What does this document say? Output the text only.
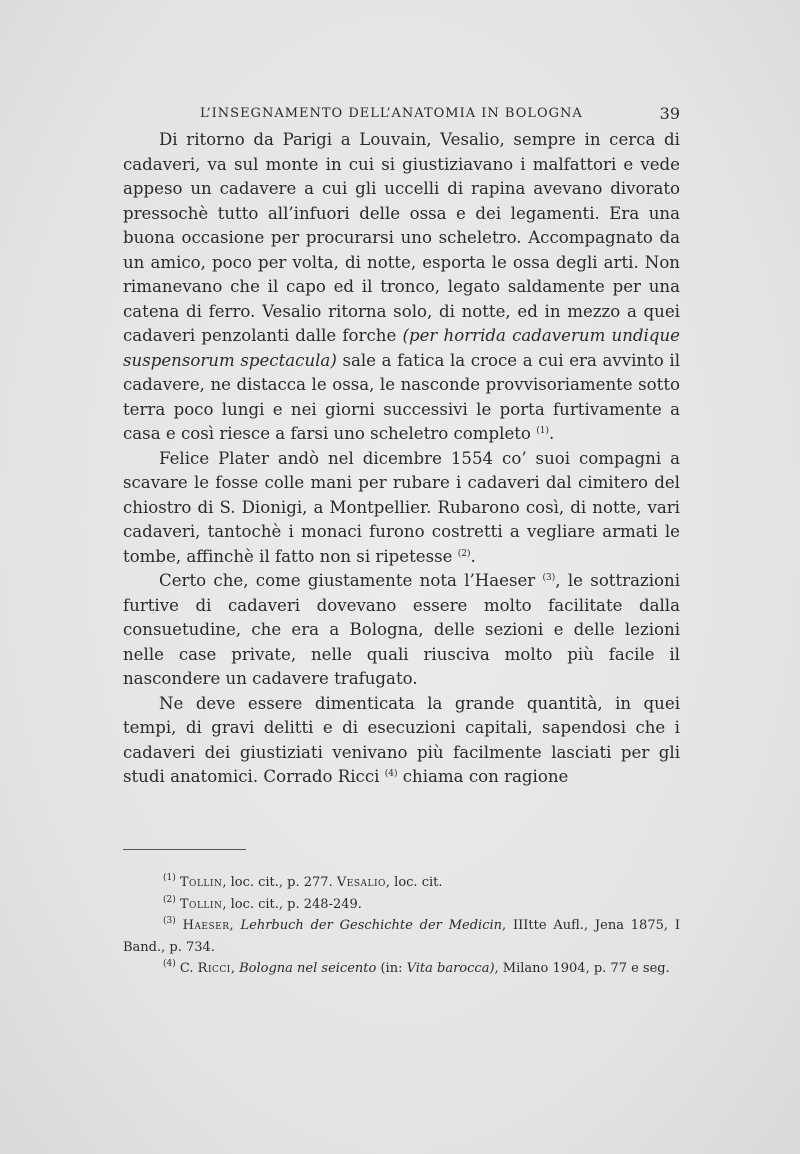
L’INSEGNAMENTO DELL’ANATOMIA IN BOLOGNA	39

Di ritorno da Parigi a Louvain, Vesalio, sempre in cerca di cadaveri, va sul monte in cui si giustiziavano i malfattori e vede appeso un cadavere a cui gli uccelli di rapina avevano divorato pressochè tutto all’infuori delle ossa e dei legamenti. Era una buona occasione per procurarsi uno scheletro. Accompagnato da un amico, poco per volta, di notte, esporta le ossa degli arti. Non rimanevano che il capo ed il tronco, legato saldamente per una catena di ferro. Vesalio ritorna solo, di notte, ed in mezzo a quei cadaveri penzolanti dalle forche (per horrida cadaverum undique suspensorum spectacula) sale a fatica la croce a cui era avvinto il cadavere, ne distacca le ossa, le nasconde provvisoriamente sotto terra poco lungi e nei giorni successivi le porta furtivamente a casa e così riesce a farsi uno scheletro completo $^{(1)}$.

Felice Plater andò nel dicembre 1554 co’ suoi compagni a scavare le fosse colle mani per rubare i cadaveri dal cimitero del chiostro di S. Dionigi, a Montpellier. Rubarono così, di notte, vari cadaveri, tantochè i monaci furono costretti a vegliare armati le tombe, affinchè il fatto non si ripetesse $^{(2)}$.

Certo che, come giustamente nota l’Haeser $^{(3)}$, le sottrazioni furtive di cadaveri dovevano essere molto facilitate dalla consuetudine, che era a Bologna, delle sezioni e delle lezioni nelle case private, nelle quali riusciva molto più facile il nascondere un cadavere trafugato.

Ne deve essere dimenticata la grande quantità, in quei tempi, di gravi delitti e di esecuzioni capitali, sapendosi che i cadaveri dei giustiziati venivano più facilmente lasciati per gli studi anatomici. Corrado Ricci $^{(4)}$ chiama con ragione

$^{(1)}$ Tollin, loc. cit., p. 277. Vesalio, loc. cit.

$^{(2)}$ Tollin, loc. cit., p. 248-249.

$^{(3)}$ Haeser, Lehrbuch der Geschichte der Medicin, IIItte Aufl., Jena 1875, I Band., p. 734.

$^{(4)}$ C. Ricci, Bologna nel seicento (in: Vita barocca), Milano 1904, p. 77 e seg.
